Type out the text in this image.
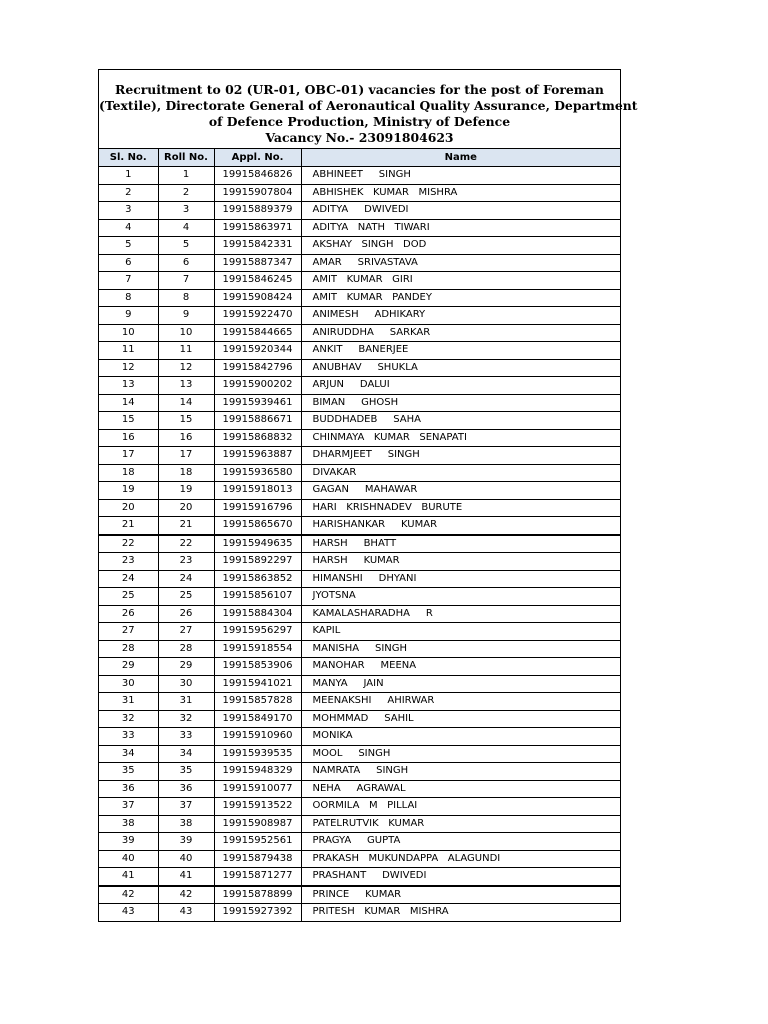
Recruitment to 02 (UR-01, OBC-01) vacancies for the post of Foreman
(Textile), Directorate General of Aeronautical Quality Assurance, Department
of Defence Production, Ministry of Defence
Vacancy No.- 23091804623
Sl. No.	Roll No.	Appl. No.	Name
1	1	19915846826	ABHINEET     SINGH
2	2	19915907804	ABHISHEK   KUMAR   MISHRA
3	3	19915889379	ADITYA     DWIVEDI
4	4	19915863971	ADITYA   NATH   TIWARI
5	5	19915842331	AKSHAY   SINGH   DOD
6	6	19915887347	AMAR     SRIVASTAVA
7	7	19915846245	AMIT   KUMAR   GIRI
8	8	19915908424	AMIT   KUMAR   PANDEY
9	9	19915922470	ANIMESH     ADHIKARY
10	10	19915844665	ANIRUDDHA     SARKAR
11	11	19915920344	ANKIT     BANERJEE
12	12	19915842796	ANUBHAV     SHUKLA
13	13	19915900202	ARJUN     DALUI
14	14	19915939461	BIMAN     GHOSH
15	15	19915886671	BUDDHADEB     SAHA
16	16	19915868832	CHINMAYA   KUMAR   SENAPATI
17	17	19915963887	DHARMJEET     SINGH
18	18	19915936580	DIVAKAR
19	19	19915918013	GAGAN     MAHAWAR
20	20	19915916796	HARI   KRISHNADEV   BURUTE
21	21	19915865670	HARISHANKAR     KUMAR
22	22	19915949635	HARSH     BHATT
23	23	19915892297	HARSH     KUMAR
24	24	19915863852	HIMANSHI     DHYANI
25	25	19915856107	JYOTSNA
26	26	19915884304	KAMALASHARADHA     R
27	27	19915956297	KAPIL
28	28	19915918554	MANISHA     SINGH
29	29	19915853906	MANOHAR     MEENA
30	30	19915941021	MANYA     JAIN
31	31	19915857828	MEENAKSHI     AHIRWAR
32	32	19915849170	MOHMMAD     SAHIL
33	33	19915910960	MONIKA
34	34	19915939535	MOOL     SINGH
35	35	19915948329	NAMRATA     SINGH
36	36	19915910077	NEHA     AGRAWAL
37	37	19915913522	OORMILA   M   PILLAI
38	38	19915908987	PATELRUTVIK   KUMAR
39	39	19915952561	PRAGYA     GUPTA
40	40	19915879438	PRAKASH   MUKUNDAPPA   ALAGUNDI
41	41	19915871277	PRASHANT     DWIVEDI
42	42	19915878899	PRINCE     KUMAR
43	43	19915927392	PRITESH   KUMAR   MISHRA
